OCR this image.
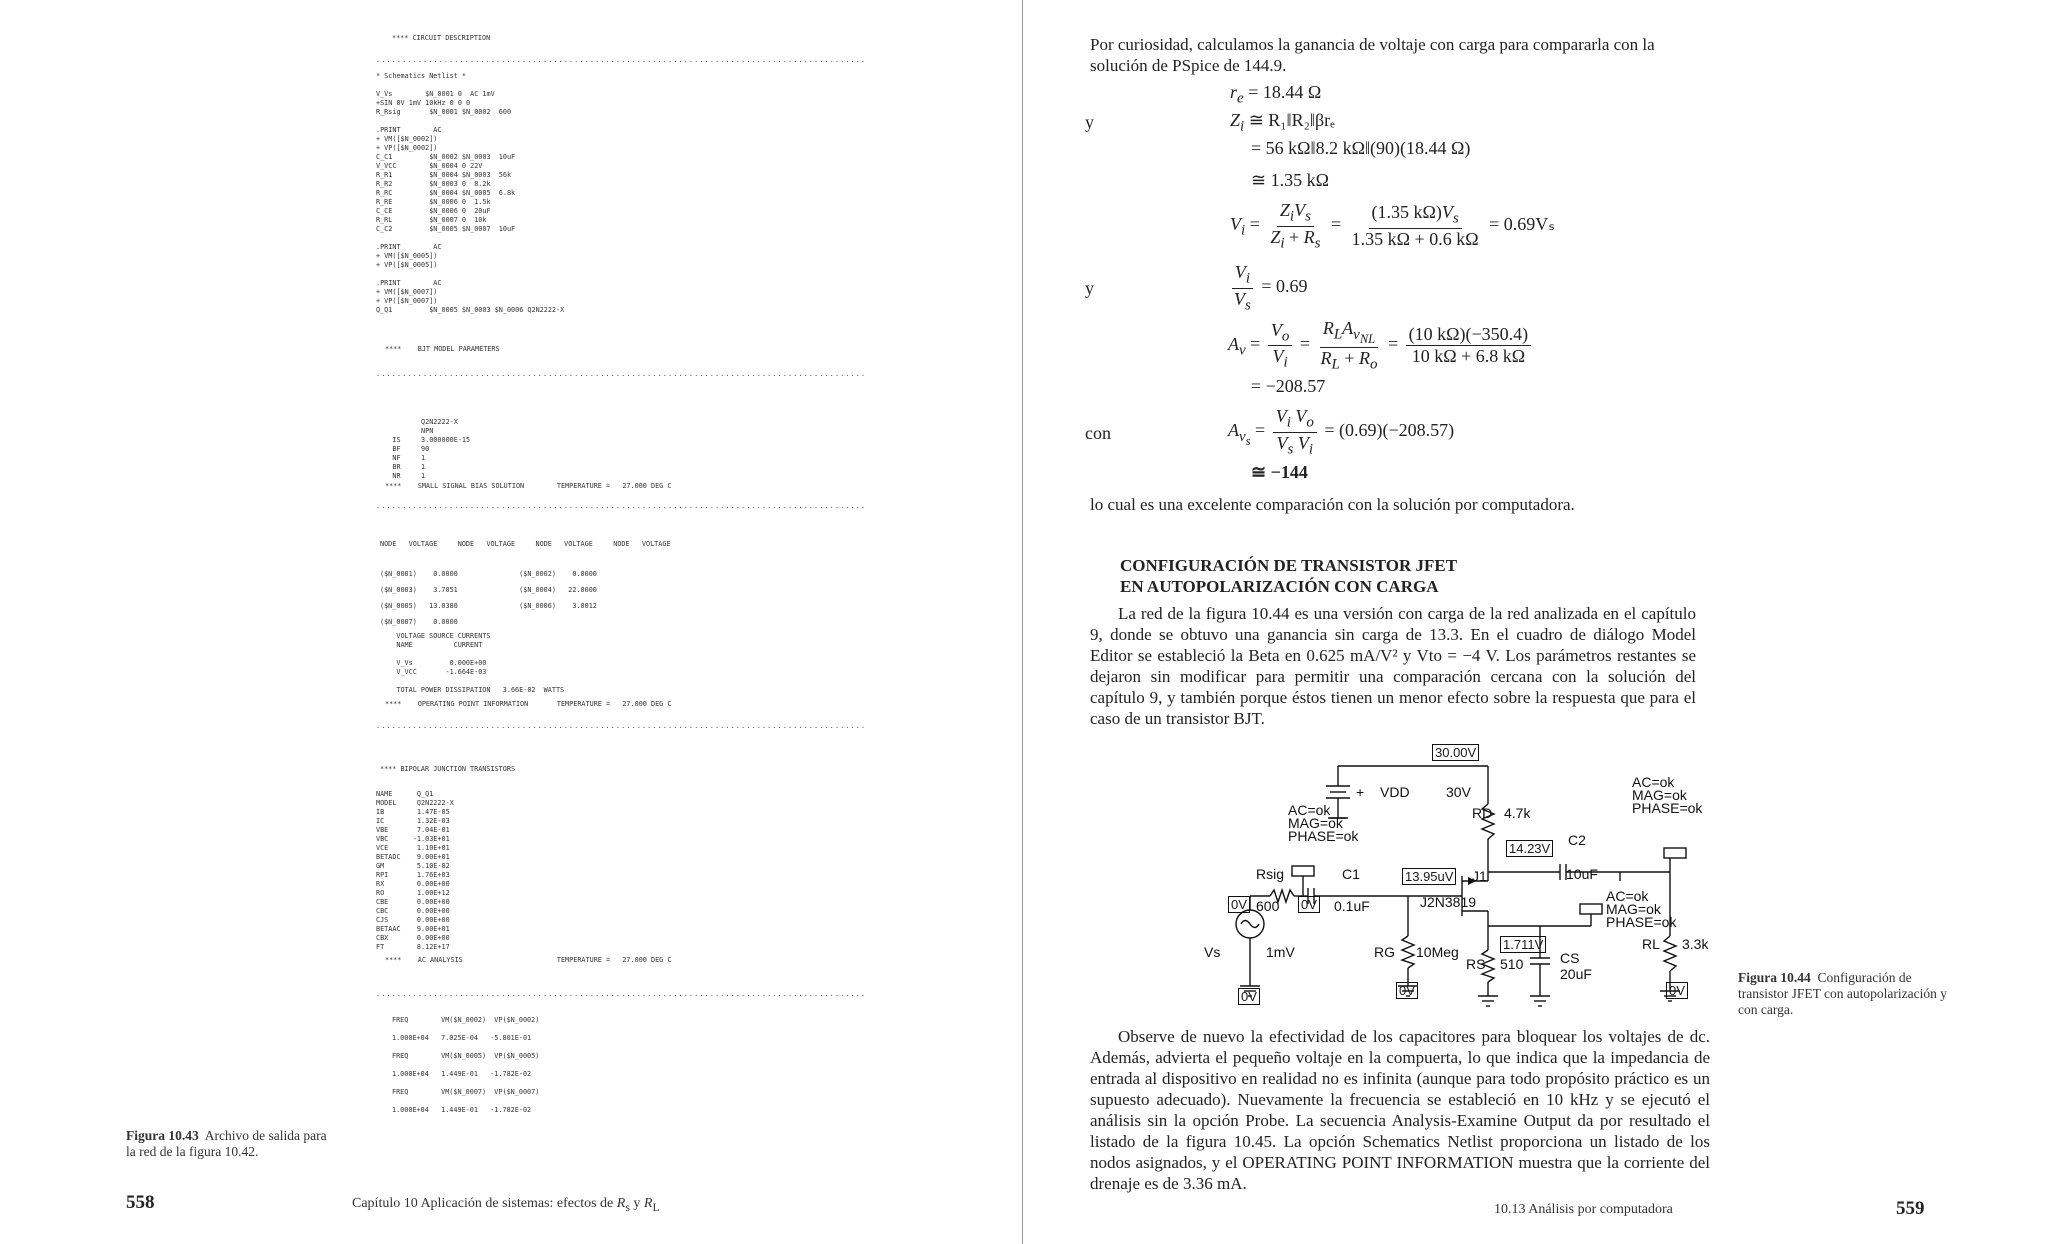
**** CIRCUIT DESCRIPTION
······························································································
* Schematics Netlist *

V_Vs        $N_0001 0  AC 1mV
+SIN 0V 1mV 10kHz 0 0 0
R_Rsig       $N_0001 $N_0002  600

.PRINT        AC
+ VM([$N_0002])
+ VP([$N_0002])
C_C1         $N_0002 $N_0003  10uF
V_VCC        $N_0004 0 22V
R_R1         $N_0004 $N_0003  56k
R_R2         $N_0003 0  8.2k
R_RC         $N_0004 $N_0005  6.8k
R_RE         $N_0006 0  1.5k
C_CE         $N_0006 0  20uF
R_RL         $N_0007 0  10k
C_C2         $N_0005 $N_0007  10uF

.PRINT        AC
+ VM([$N_0005])
+ VP([$N_0005])

.PRINT        AC
+ VM([$N_0007])
+ VP([$N_0007])
Q_Q1         $N_0005 $N_0003 $N_0006 Q2N2222-X
****    BJT MODEL PARAMETERS
······························································································
Q2N2222-X
NPN
IS     3.000000E-15
BF     90
NF     1
BR     1
NR     1
****    SMALL SIGNAL BIAS SOLUTION        TEMPERATURE =   27.000 DEG C
······························································································
NODE   VOLTAGE     NODE   VOLTAGE     NODE   VOLTAGE     NODE   VOLTAGE
($N_0001)    0.0000               ($N_0002)    0.0000
($N_0003)    3.7051               ($N_0004)   22.0000
($N_0005)   13.0380               ($N_0006)    3.0012
($N_0007)    0.0000
VOLTAGE SOURCE CURRENTS
NAME          CURRENT

V_Vs         0.000E+00
V_VCC       -1.664E-03

TOTAL POWER DISSIPATION   3.66E-02  WATTS
****    OPERATING POINT INFORMATION       TEMPERATURE =   27.000 DEG C
······························································································
**** BIPOLAR JUNCTION TRANSISTORS
NAME      Q_Q1
MODEL     Q2N2222-X
IB        1.47E-05
IC        1.32E-03
VBE       7.04E-01
VBC      -1.03E+01
VCE       1.10E+01
BETADC    9.00E+01
GM        5.10E-02
RPI       1.76E+03
RX        0.00E+00
RO        1.00E+12
CBE       0.00E+00
CBC       0.00E+00
CJS       0.00E+00
BETAAC    9.00E+01
CBX       0.00E+00
FT        8.12E+17
****    AC ANALYSIS                       TEMPERATURE =   27.000 DEG C
······························································································
FREQ        VM($N_0002)  VP($N_0002)

1.000E+04   7.025E-04   -5.801E-01

FREQ        VM($N_0005)  VP($N_0005)

1.000E+04   1.449E-01   -1.782E-02

FREQ        VM($N_0007)  VP($N_0007)

1.000E+04   1.449E-01   -1.782E-02
Figura 10.43 Archivo de salida para la red de la figura 10.42.
558	Capítulo 10 Aplicación de sistemas: efectos de $R_s$ y $R_L$
Por curiosidad, calculamos la ganancia de voltaje con carga para compararla con la solución de PSpice de 144.9.
$r_e = 18.44$ Ω
y	$Z_i$ ≅ R₁‖R₂‖βrₑ
= 56 kΩ‖8.2 kΩ‖(90)(18.44 Ω)
≅ 1.35 kΩ
$V_i = \frac{Z_iV_s}{Z_i + R_s} = \frac{(1.35 k\Omega)V_s}{1.35 k\Omega + 0.6 k\Omega} = 0.69V_s$
y	$\frac{V_i}{V_s} = 0.69$
$A_v = \frac{V_o}{V_i} = \frac{R_LA_{v_{NL}}}{R_L + R_o} = \frac{(10 k\Omega)(-350.4)}{10 k\Omega + 6.8 k\Omega}$
= −208.57
con	$A_{v_s} = \frac{V_i V_o}{V_s V_i} = (0.69)(-208.57)$
≅ −144
lo cual es una excelente comparación con la solución por computadora.
CONFIGURACIÓN DE TRANSISTOR JFET
EN AUTOPOLARIZACIÓN CON CARGA
La red de la figura 10.44 es una versión con carga de la red analizada en el capítulo 9, donde se obtuvo una ganancia sin carga de 13.3. En el cuadro de diálogo Model Editor se estableció la Beta en 0.625 mA/V² y Vto = −4 V. Los parámetros restantes se dejaron sin modificar para permitir una comparación cercana con la solución del capítulo 9, y también porque éstos tienen un menor efecto sobre la respuesta que para el caso de un transistor BJT.
30.00V
VDD
+	30V
RD 4.7k
14.23V
C2
10uF
AC=ok
MAG=ok
PHASE=ok
AC=ok
MAG=ok
PHASE=ok
AC=ok
MAG=ok
PHASE=ok
Rsig
0V 600
C1
0V 0.1uF
13.95uV J1
J2N3819
1.711V
RS 510	CS
20uF
RL 3.3k
RG 10Meg
Vs	1mV
0V	0V	0V
Figura 10.44 Configuración de transistor JFET con autopolarización y con carga.
Observe de nuevo la efectividad de los capacitores para bloquear los voltajes de dc. Además, advierta el pequeño voltaje en la compuerta, lo que indica que la impedancia de entrada al dispositivo en realidad no es infinita (aunque para todo propósito práctico es un supuesto adecuado). Nuevamente la frecuencia se estableció en 10 kHz y se ejecutó el análisis sin la opción Probe. La secuencia Analysis-Examine Output da por resultado el listado de la figura 10.45. La opción Schematics Netlist proporciona un listado de los nodos asignados, y el OPERATING POINT INFORMATION muestra que la corriente del drenaje es de 3.36 mA.
10.13 Análisis por computadora	559
